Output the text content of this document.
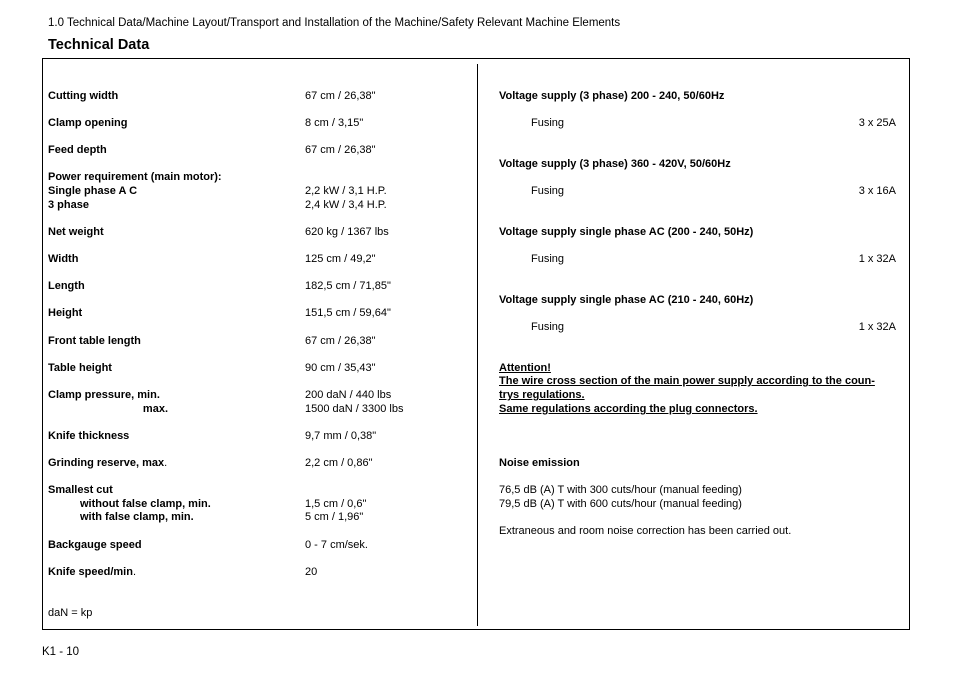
1.0 Technical Data/Machine Layout/Transport and Installation of the Machine/Safety Relevant Machine Elements
Technical Data
Cutting width	67 cm / 26,38"
Clamp opening	8 cm / 3,15"
Feed depth	67 cm / 26,38"
Power requirement (main motor):
Single phase A C	2,2 kW / 3,1 H.P.
3 phase	2,4 kW / 3,4 H.P.
Net weight	620 kg / 1367 lbs
Width	125 cm / 49,2"
Length	182,5 cm / 71,85"
Height	151,5 cm / 59,64"
Front table length	67 cm / 26,38"
Table height	90 cm / 35,43"
Clamp pressure, min.	200 daN / 440 lbs
max.	1500 daN / 3300 lbs
Knife thickness	9,7 mm / 0,38"
Grinding reserve, max.	2,2 cm / 0,86"
Smallest cut
without false clamp, min.	1,5 cm / 0,6"
with false clamp, min.	5 cm / 1,96"
Backgauge speed	0 - 7 cm/sek.
Knife speed/min.	20
daN = kp
Voltage supply (3 phase) 200 - 240, 50/60Hz
Fusing	3 x 25A
Voltage supply (3 phase) 360 - 420V, 50/60Hz
Fusing	3 x 16A
Voltage supply single phase AC (200 - 240, 50Hz)
Fusing	1 x 32A
Voltage supply single phase AC (210 - 240, 60Hz)
Fusing	1 x 32A
Attention!
The wire cross section of the main power supply according to the coun-
trys regulations.
Same regulations according the plug connectors.
Noise emission
76,5 dB (A) T with 300 cuts/hour (manual feeding)
79,5 dB (A) T with 600 cuts/hour (manual feeding)
Extraneous and room noise correction has been carried out.
K1 - 10
